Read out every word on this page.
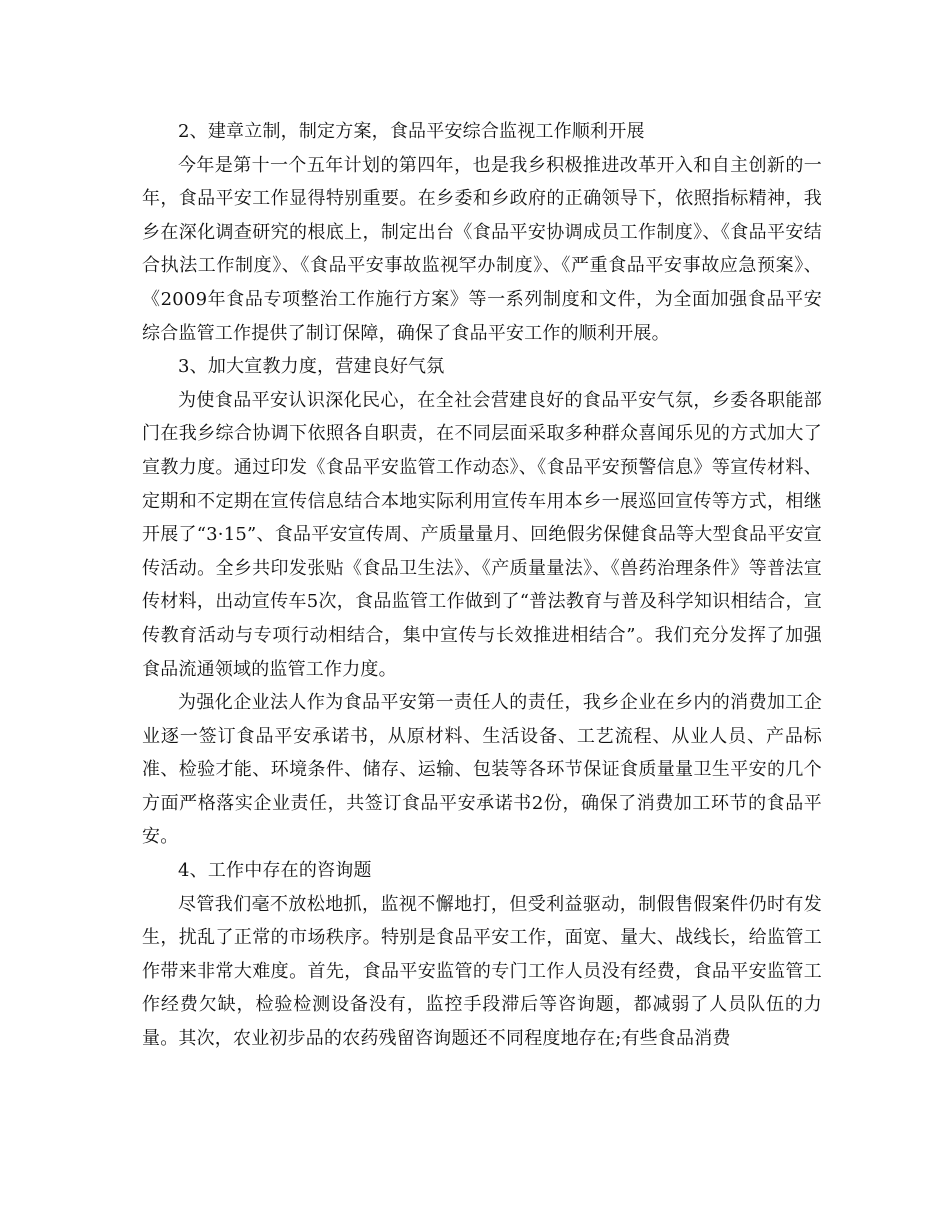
2、建章立制，制定方案，食品平安综合监视工作顺利开展

今年是第十一个五年计划的第四年，也是我乡积极推进改革开入和自主创新的一年，食品平安工作显得特别重要。在乡委和乡政府的正确领导下，依照指标精神，我乡在深化调查研究的根底上，制定出台《食品平安协调成员工作制度》、《食品平安结合执法工作制度》、《食品平安事故监视罕办制度》、《严重食品平安事故应急预案》、《2009年食品专项整治工作施行方案》等一系列制度和文件，为全面加强食品平安综合监管工作提供了制订保障，确保了食品平安工作的顺利开展。

3、加大宣教力度，营建良好气氛

为使食品平安认识深化民心，在全社会营建良好的食品平安气氛，乡委各职能部门在我乡综合协调下依照各自职责，在不同层面采取多种群众喜闻乐见的方式加大了宣教力度。通过印发《食品平安监管工作动态》、《食品平安预警信息》等宣传材料、定期和不定期在宣传信息结合本地实际利用宣传车用本乡一展巡回宣传等方式，相继开展了“3·15”、食品平安宣传周、产质量量月、回绝假劣保健食品等大型食品平安宣传活动。全乡共印发张贴《食品卫生法》、《产质量量法》、《兽药治理条件》等普法宣传材料，出动宣传车5次，食品监管工作做到了“普法教育与普及科学知识相结合，宣传教育活动与专项行动相结合，集中宣传与长效推进相结合”。我们充分发挥了加强食品流通领域的监管工作力度。

为强化企业法人作为食品平安第一责任人的责任，我乡企业在乡内的消费加工企业逐一签订食品平安承诺书，从原材料、生活设备、工艺流程、从业人员、产品标准、检验才能、环境条件、储存、运输、包装等各环节保证食质量量卫生平安的几个方面严格落实企业责任，共签订食品平安承诺书2份，确保了消费加工环节的食品平安。

4、工作中存在的咨询题

尽管我们毫不放松地抓，监视不懈地打，但受利益驱动，制假售假案件仍时有发生，扰乱了正常的市场秩序。特别是食品平安工作，面宽、量大、战线长，给监管工作带来非常大难度。首先，食品平安监管的专门工作人员没有经费，食品平安监管工作经费欠缺，检验检测设备没有，监控手段滞后等咨询题，都减弱了人员队伍的力量。其次，农业初步品的农药残留咨询题还不同程度地存在;有些食品消费
